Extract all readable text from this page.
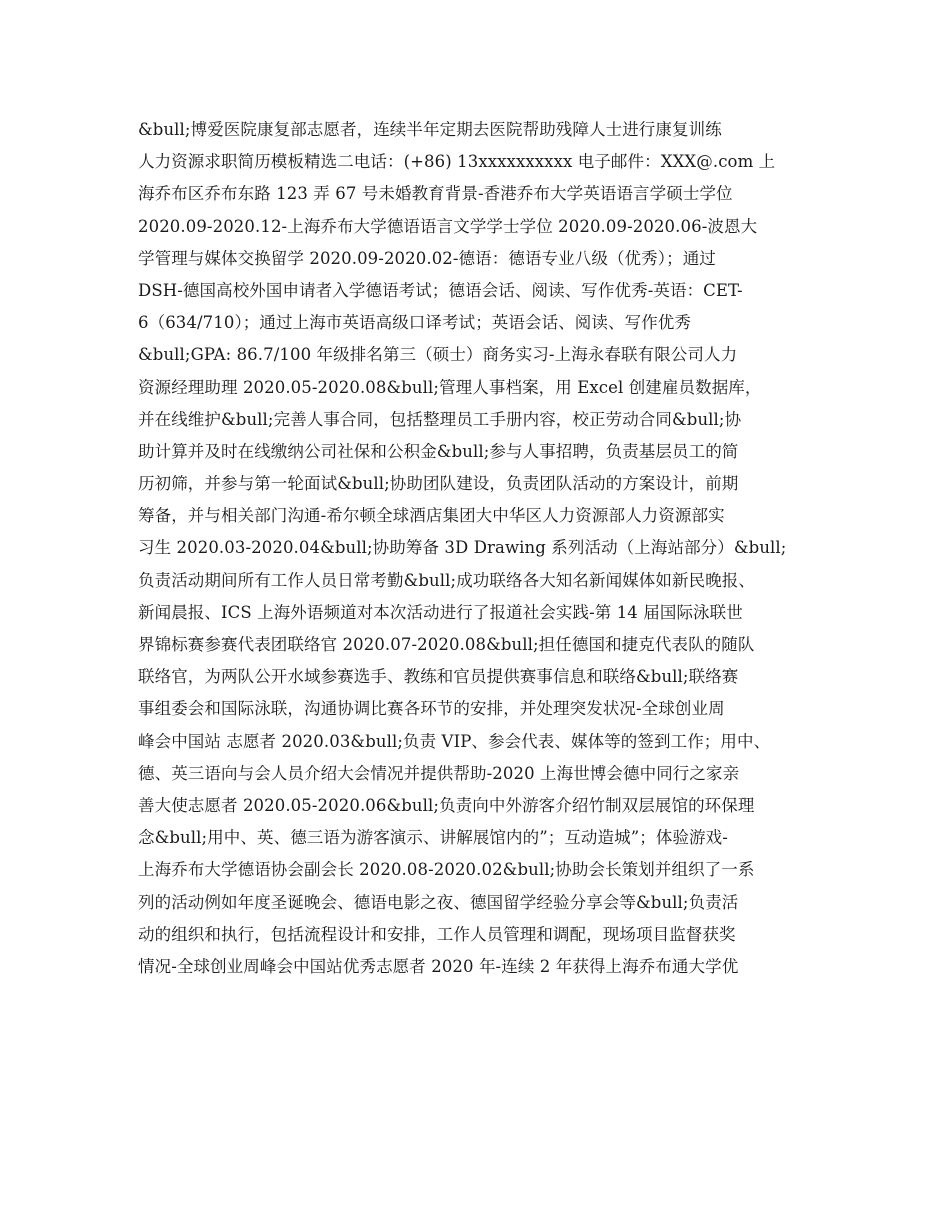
&bull;博爱医院康复部志愿者，连续半年定期去医院帮助残障人士进行康复训练
人力资源求职简历模板精选二电话：(+86) 13xxxxxxxxxx 电子邮件：XXX@.com 上
海乔布区乔布东路 123 弄 67 号未婚教育背景-香港乔布大学英语语言学硕士学位
2020.09-2020.12-上海乔布大学德语语言文学学士学位 2020.09-2020.06-波恩大
学管理与媒体交换留学 2020.09-2020.02-德语：德语专业八级（优秀）；通过
DSH-德国高校外国申请者入学德语考试；德语会话、阅读、写作优秀-英语：CET-
6（634/710）；通过上海市英语高级口译考试；英语会话、阅读、写作优秀
&bull;GPA: 86.7/100 年级排名第三（硕士）商务实习-上海永春联有限公司人力
资源经理助理 2020.05-2020.08&bull;管理人事档案，用 Excel 创建雇员数据库，
并在线维护&bull;完善人事合同，包括整理员工手册内容，校正劳动合同&bull;协
助计算并及时在线缴纳公司社保和公积金&bull;参与人事招聘，负责基层员工的简
历初筛，并参与第一轮面试&bull;协助团队建设，负责团队活动的方案设计，前期
筹备，并与相关部门沟通-希尔顿全球酒店集团大中华区人力资源部人力资源部实
习生 2020.03-2020.04&bull;协助筹备 3D Drawing 系列活动（上海站部分）&bull;
负责活动期间所有工作人员日常考勤&bull;成功联络各大知名新闻媒体如新民晚报、
新闻晨报、ICS 上海外语频道对本次活动进行了报道社会实践-第 14 届国际泳联世
界锦标赛参赛代表团联络官 2020.07-2020.08&bull;担任德国和捷克代表队的随队
联络官，为两队公开水域参赛选手、教练和官员提供赛事信息和联络&bull;联络赛
事组委会和国际泳联，沟通协调比赛各环节的安排，并处理突发状况-全球创业周
峰会中国站 志愿者 2020.03&bull;负责 VIP、参会代表、媒体等的签到工作；用中、
德、英三语向与会人员介绍大会情况并提供帮助-2020 上海世博会德中同行之家亲
善大使志愿者 2020.05-2020.06&bull;负责向中外游客介绍竹制双层展馆的环保理
念&bull;用中、英、德三语为游客演示、讲解展馆内的”；互动造城”；体验游戏-
上海乔布大学德语协会副会长 2020.08-2020.02&bull;协助会长策划并组织了一系
列的活动例如年度圣诞晚会、德语电影之夜、德国留学经验分享会等&bull;负责活
动的组织和执行，包括流程设计和安排，工作人员管理和调配，现场项目监督获奖
情况-全球创业周峰会中国站优秀志愿者 2020 年-连续 2 年获得上海乔布通大学优
